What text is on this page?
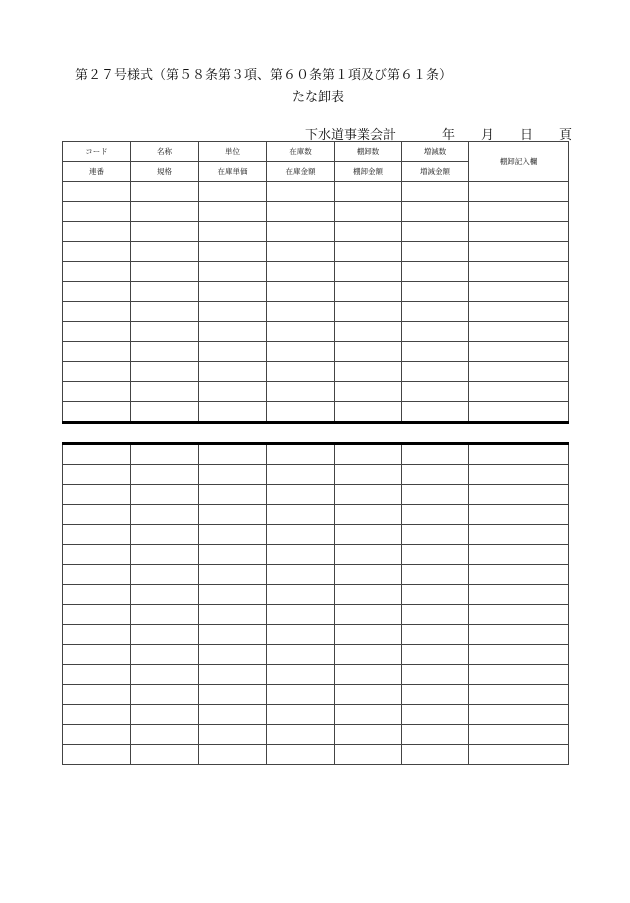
第２７号様式（第５８条第３項、第６０条第１項及び第６１条）
たな卸表
下水道事業会計	年 月 日 頁
コード	名称	単位	在庫数	棚卸数	増減数	棚卸記入欄
連番	規格	在庫単価	在庫金額	棚卸金額	増減金額	
